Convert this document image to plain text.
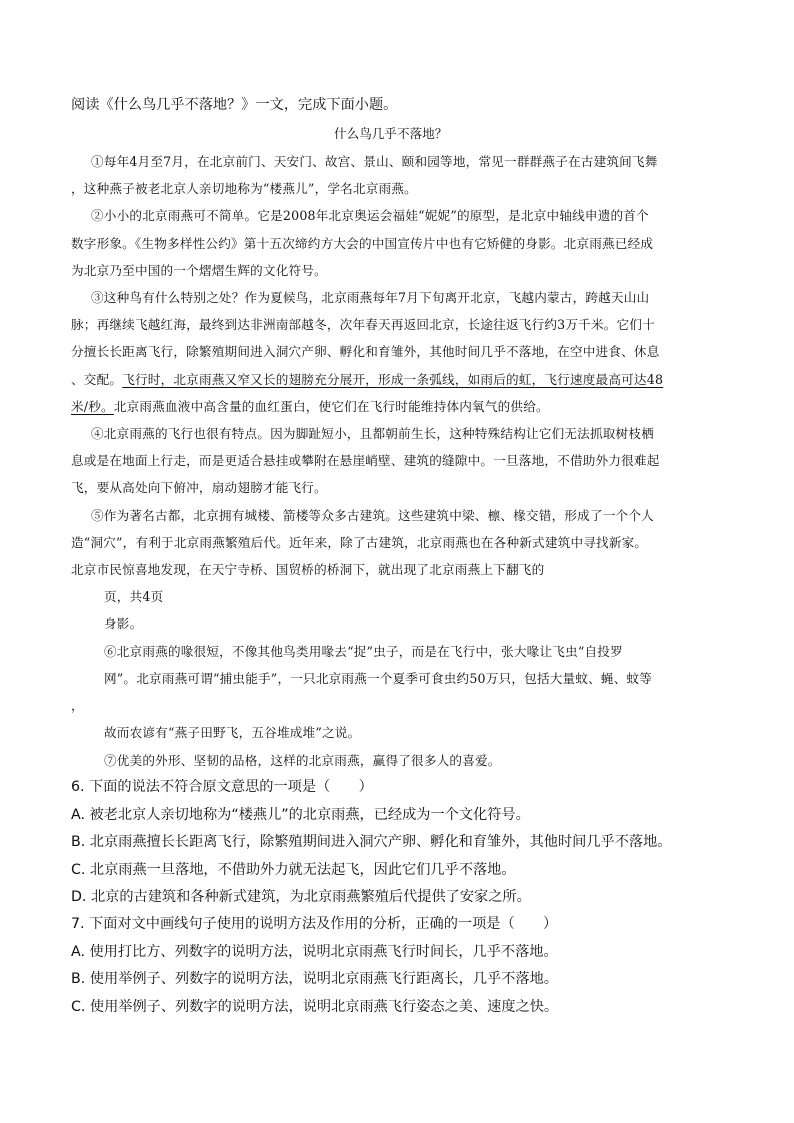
阅读《什么鸟几乎不落地？》一文，完成下面小题。
什么鸟几乎不落地？
①每年4月至7月，在北京前门、天安门、故宫、景山、颐和园等地，常见一群群燕子在古建筑间飞舞
，这种燕子被老北京人亲切地称为“楼燕儿”，学名北京雨燕。
②小小的北京雨燕可不简单。它是2008年北京奥运会福娃“妮妮”的原型，是北京中轴线申遗的首个
数字形象。《生物多样性公约》第十五次缔约方大会的中国宣传片中也有它矫健的身影。北京雨燕已经成
为北京乃至中国的一个熠熠生辉的文化符号。
③这种鸟有什么特别之处？作为夏候鸟，北京雨燕每年7月下旬离开北京，飞越内蒙古，跨越天山山
脉；再继续飞越红海，最终到达非洲南部越冬，次年春天再返回北京，长途往返飞行约3万千米。它们十
分擅长长距离飞行，除繁殖期间进入洞穴产卵、孵化和育雏外，其他时间几乎不落地，在空中进食、休息
、交配。飞行时，北京雨燕又窄又长的翅膀充分展开，形成一条弧线，如雨后的虹，飞行速度最高可达48
米/秒。北京雨燕血液中高含量的血红蛋白，使它们在飞行时能维持体内氧气的供给。
④北京雨燕的飞行也很有特点。因为脚趾短小，且都朝前生长，这种特殊结构让它们无法抓取树枝栖
息或是在地面上行走，而是更适合悬挂或攀附在悬崖峭壁、建筑的缝隙中。一旦落地，不借助外力很难起
飞，要从高处向下俯冲，扇动翅膀才能飞行。
⑤作为著名古都，北京拥有城楼、箭楼等众多古建筑。这些建筑中梁、檩、椽交错，形成了一个个人
造“洞穴”，有利于北京雨燕繁殖后代。近年来，除了古建筑，北京雨燕也在各种新式建筑中寻找新家。
北京市民惊喜地发现，在天宁寺桥、国贸桥的桥洞下，就出现了北京雨燕上下翻飞的
页，共4页
身影。
⑥北京雨燕的喙很短，不像其他鸟类用喙去“捉”虫子，而是在飞行中，张大喙让飞虫“自投罗
网”。北京雨燕可谓“捕虫能手”，一只北京雨燕一个夏季可食虫约50万只，包括大量蚊、蝇、蚊等
，
故而农谚有“燕子田野飞，五谷堆成堆”之说。
⑦优美的外形、坚韧的品格，这样的北京雨燕，赢得了很多人的喜爱。
6. 下面的说法不符合原文意思的一项是（　　）
A. 被老北京人亲切地称为“楼燕儿”的北京雨燕，已经成为一个文化符号。
B. 北京雨燕擅长长距离飞行，除繁殖期间进入洞穴产卵、孵化和育雏外，其他时间几乎不落地。
C. 北京雨燕一旦落地，不借助外力就无法起飞，因此它们几乎不落地。
D. 北京的古建筑和各种新式建筑，为北京雨燕繁殖后代提供了安家之所。
7. 下面对文中画线句子使用的说明方法及作用的分析，正确的一项是（　　）
A. 使用打比方、列数字的说明方法，说明北京雨燕飞行时间长，几乎不落地。
B. 使用举例子、列数字的说明方法，说明北京雨燕飞行距离长，几乎不落地。
C. 使用举例子、列数字的说明方法，说明北京雨燕飞行姿态之美、速度之快。
